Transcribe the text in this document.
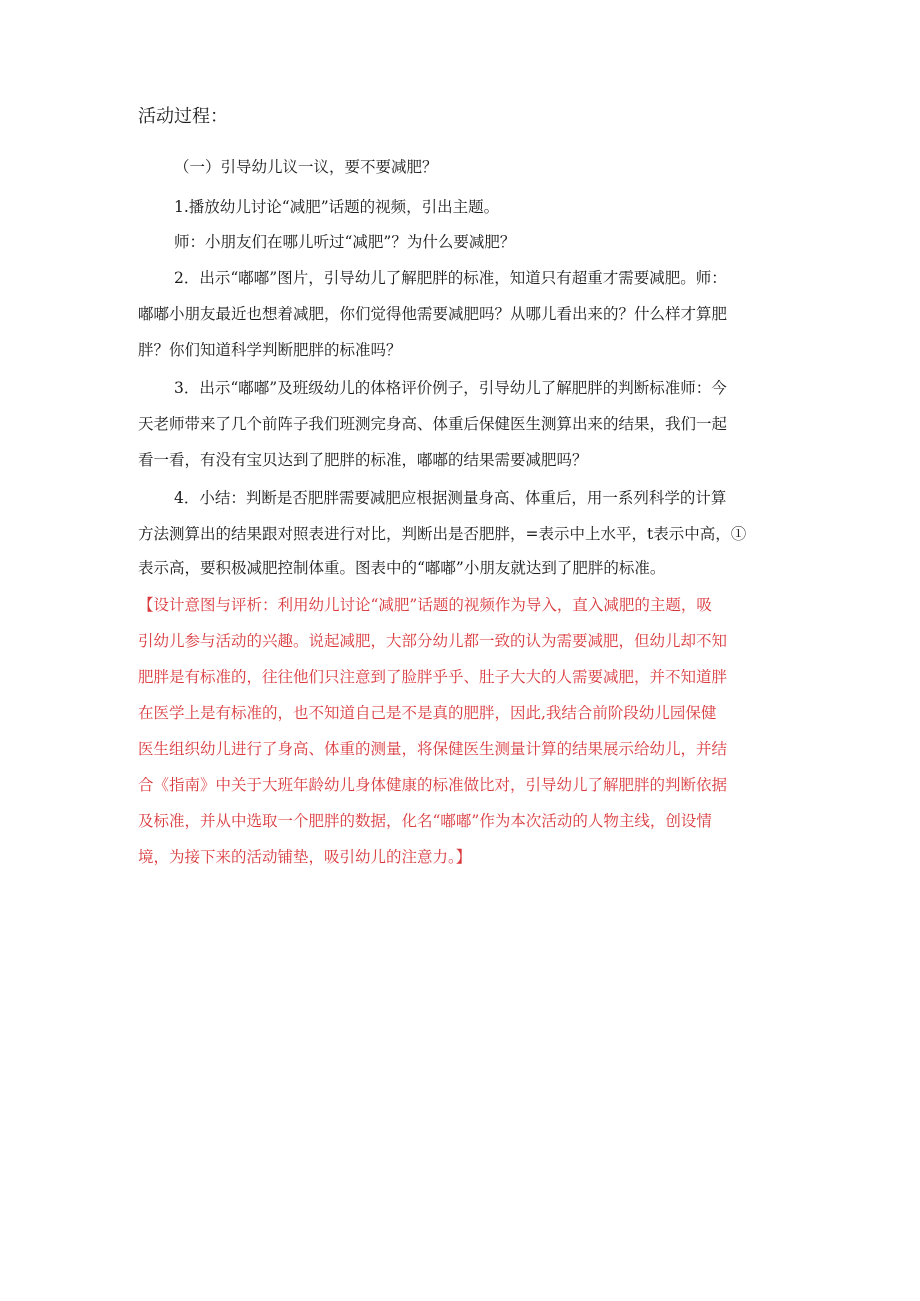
活动过程：
（一）引导幼儿议一议，要不要减肥？
1.播放幼儿讨论“减肥”话题的视频，引出主题。
师：小朋友们在哪儿听过“减肥”？为什么要减肥？
2．出示“嘟嘟”图片，引导幼儿了解肥胖的标准，知道只有超重才需要减肥。师：
嘟嘟小朋友最近也想着减肥，你们觉得他需要减肥吗？从哪儿看出来的？什么样才算肥
胖？你们知道科学判断肥胖的标准吗？
3．出示“嘟嘟”及班级幼儿的体格评价例子，引导幼儿了解肥胖的判断标准师：今
天老师带来了几个前阵子我们班测完身高、体重后保健医生测算出来的结果，我们一起
看一看，有没有宝贝达到了肥胖的标准，嘟嘟的结果需要减肥吗？
4．小结：判断是否肥胖需要减肥应根据测量身高、体重后，用一系列科学的计算
方法测算出的结果跟对照表进行对比，判断出是否肥胖，=表示中上水平，t表示中高，①
表示高，要积极减肥控制体重。图表中的“嘟嘟”小朋友就达到了肥胖的标准。
【设计意图与评析：利用幼儿讨论“减肥”话题的视频作为导入，直入减肥的主题，吸
引幼儿参与活动的兴趣。说起减肥，大部分幼儿都一致的认为需要减肥，但幼儿却不知
肥胖是有标准的，往往他们只注意到了脸胖乎乎、肚子大大的人需要减肥，并不知道胖
在医学上是有标准的，也不知道自己是不是真的肥胖，因此,我结合前阶段幼儿园保健
医生组织幼儿进行了身高、体重的测量，将保健医生测量计算的结果展示给幼儿，并结
合《指南》中关于大班年龄幼儿身体健康的标准做比对，引导幼儿了解肥胖的判断依据
及标准，并从中选取一个肥胖的数据，化名“嘟嘟”作为本次活动的人物主线，创设情
境，为接下来的活动铺垫，吸引幼儿的注意力。】
